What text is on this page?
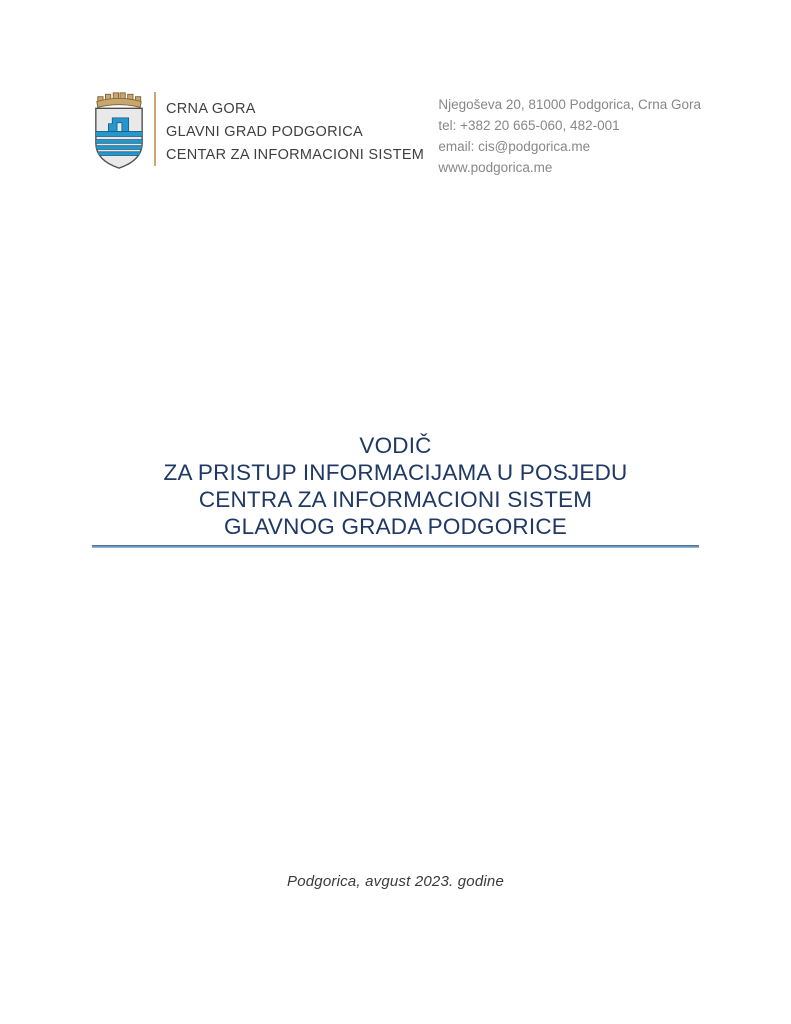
CRNA GORA
GLAVNI GRAD PODGORICA
CENTAR ZA INFORMACIONI SISTEM
Njegoševa 20, 81000 Podgorica, Crna Gora
tel: +382 20 665-060, 482-001
email: cis@podgorica.me
www.podgorica.me
VODIČ
ZA PRISTUP INFORMACIJAMA U POSJEDU
CENTRA ZA INFORMACIONI SISTEM
GLAVNOG GRADA PODGORICE
Podgorica, avgust 2023. godine
